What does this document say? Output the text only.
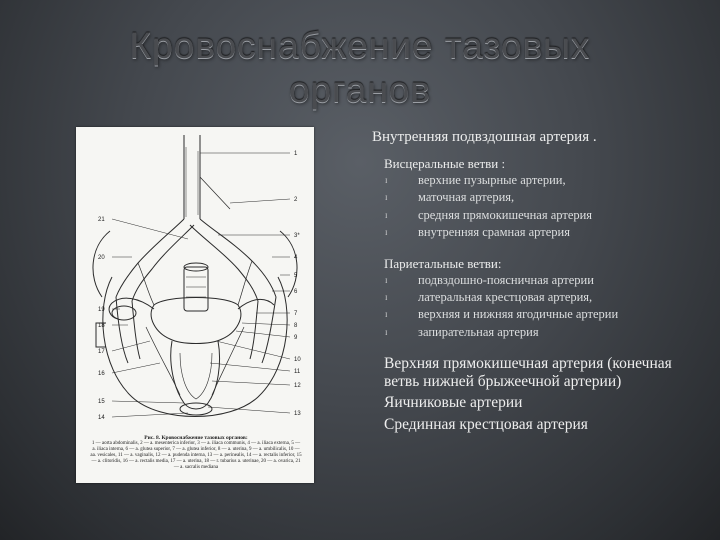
Кровоснабжение тазовых
органов
1
2
3*
4
5
6
7
8
9
10
11
12
13
21
20
19
18
17
16
15
14
Рис. 8. Кровоснабжение тазовых органов:
1 — aorta abdominalis, 2 — a. mesenterica inferior, 3 — a. iliaca communis, 4 — a. iliaca externa, 5 — a. iliaca interna, 6 — a. glutea superior, 7 — a. glutea inferior, 8 — a. uterina, 9 — a. umbilicalis, 10 — aa. vesicales, 11 — a. vaginalis, 12 — a. pudenda interna, 13 — a. perinealis, 14 — a. rectalis inferior, 15 — a. clitoridis, 16 — a. rectalis media, 17 — a. uterina, 18 — r. tubarius a. uterinae, 20 — a. ovarica, 21 — a. sacralis mediana
Внутренняя подвздошная артерия .
Висцеральные ветви :
ɪ верхние пузырные артерии,
ɪ маточная артерия,
ɪ средняя прямокишечная артерия
ɪ внутренняя срамная артерия
Париетальные ветви:
ɪ подвздошно-поясничная артерии
ɪ латеральная крестцовая артерия,
ɪ верхняя и нижняя ягодичные артерии
ɪ запирательная артерия
Верхняя прямокишечная артерия (конечная ветвь нижней брыжеечной артерии)
Яичниковые артерии
Срединная крестцовая артерия
